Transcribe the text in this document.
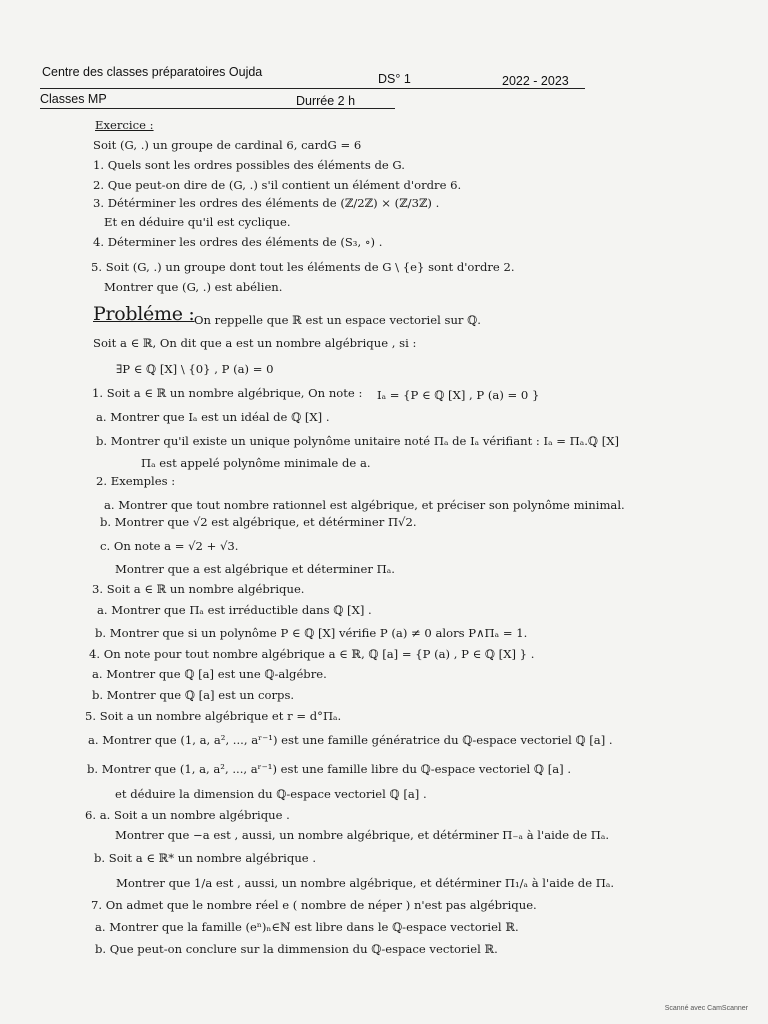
Centre des classes préparatoires Oujda	DS° 1	2022 - 2023
Classes MP	Durrée 2 h
Exercice :
Soit (G, .) un groupe de cardinal 6, cardG = 6
1. Quels sont les ordres possibles des éléments de G.
2. Que peut-on dire de (G, .) s'il contient un élément d'ordre 6.
3. Détérminer les ordres des éléments de (ℤ/2ℤ) × (ℤ/3ℤ) .
Et en déduire qu'il est cyclique.
4. Déterminer les ordres des éléments de (S₃, ∘) .
5. Soit (G, .) un groupe dont tout les éléments de G \ {e} sont d'ordre 2.
Montrer que (G, .) est abélien.
Probléme : On reppelle que ℝ est un espace vectoriel sur ℚ.
Soit a ∈ ℝ, On dit que a est un nombre algébrique , si :
∃P ∈ ℚ [X] \ {0} , P (a) = 0
1. Soit a ∈ ℝ un nombre algébrique, On note : Iₐ = {P ∈ ℚ [X] , P (a) = 0 }
a. Montrer que Iₐ est un idéal de ℚ [X] .
b. Montrer qu'il existe un unique polynôme unitaire noté Πₐ de Iₐ vérifiant : Iₐ = Πₐ.ℚ [X]
Πₐ est appelé polynôme minimale de a.
2. Exemples :
a. Montrer que tout nombre rationnel est algébrique, et préciser son polynôme minimal.
b. Montrer que √2 est algébrique, et détérminer Π√2.
c. On note a = √2 + √3.
Montrer que a est algébrique et déterminer Πₐ.
3. Soit a ∈ ℝ un nombre algébrique.
a. Montrer que Πₐ est irréductible dans ℚ [X] .
b. Montrer que si un polynôme P ∈ ℚ [X] vérifie P (a) ≠ 0 alors P∧Πₐ = 1.
4. On note pour tout nombre algébrique a ∈ ℝ, ℚ [a] = {P (a) , P ∈ ℚ [X] } .
a. Montrer que ℚ [a] est une ℚ-algébre.
b. Montrer que ℚ [a] est un corps.
5. Soit a un nombre algébrique et r = d°Πₐ.
a. Montrer que (1, a, a², ..., aʳ⁻¹) est une famille génératrice du ℚ-espace vectoriel ℚ [a] .
b. Montrer que (1, a, a², ..., aʳ⁻¹) est une famille libre du ℚ-espace vectoriel ℚ [a] .
et déduire la dimension du ℚ-espace vectoriel ℚ [a] .
6. a. Soit a un nombre algébrique .
Montrer que −a est , aussi, un nombre algébrique, et détérminer Π₋ₐ à l'aide de Πₐ.
b. Soit a ∈ ℝ* un nombre algébrique .
Montrer que 1/a est , aussi, un nombre algébrique, et détérminer Π₁/ₐ à l'aide de Πₐ.
7. On admet que le nombre réel e ( nombre de néper ) n'est pas algébrique.
a. Montrer que la famille (eⁿ)ₙ∈ℕ est libre dans le ℚ-espace vectoriel ℝ.
b. Que peut-on conclure sur la dimmension du ℚ-espace vectoriel ℝ.
Scanné avec CamScanner
